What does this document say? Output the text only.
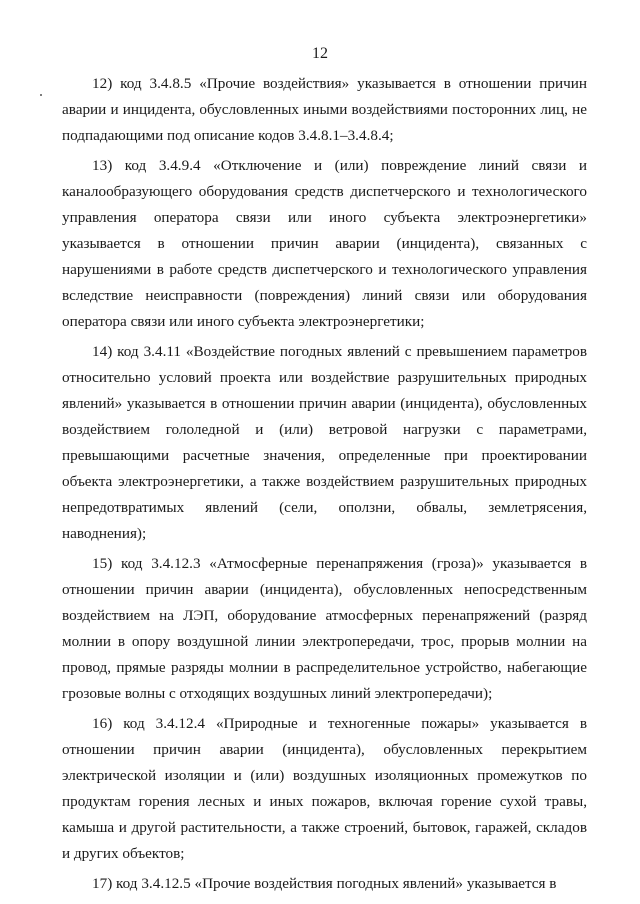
12

12) код 3.4.8.5 «Прочие воздействия» указывается в отношении причин аварии и инцидента, обусловленных иными воздействиями посторонних лиц, не подпадающими под описание кодов 3.4.8.1–3.4.8.4;

13) код 3.4.9.4 «Отключение и (или) повреждение линий связи и каналообразующего оборудования средств диспетчерского и технологического управления оператора связи или иного субъекта электроэнергетики» указывается в отношении причин аварии (инцидента), связанных с нарушениями в работе средств диспетчерского и технологического управления вследствие неисправности (повреждения) линий связи или оборудования оператора связи или иного субъекта электроэнергетики;

14) код 3.4.11 «Воздействие погодных явлений с превышением параметров относительно условий проекта или воздействие разрушительных природных явлений» указывается в отношении причин аварии (инцидента), обусловленных воздействием гололедной и (или) ветровой нагрузки с параметрами, превышающими расчетные значения, определенные при проектировании объекта электроэнергетики, а также воздействием разрушительных природных непредотвратимых явлений (сели, оползни, обвалы, землетрясения, наводнения);

15) код 3.4.12.3 «Атмосферные перенапряжения (гроза)» указывается в отношении причин аварии (инцидента), обусловленных непосредственным воздействием на ЛЭП, оборудование атмосферных перенапряжений (разряд молнии в опору воздушной линии электропередачи, трос, прорыв молнии на провод, прямые разряды молнии в распределительное устройство, набегающие грозовые волны с отходящих воздушных линий электропередачи);

16) код 3.4.12.4 «Природные и техногенные пожары» указывается в отношении причин аварии (инцидента), обусловленных перекрытием электрической изоляции и (или) воздушных изоляционных промежутков по продуктам горения лесных и иных пожаров, включая горение сухой травы, камыша и другой растительности, а также строений, бытовок, гаражей, складов и других объектов;

17) код 3.4.12.5 «Прочие воздействия погодных явлений» указывается в
